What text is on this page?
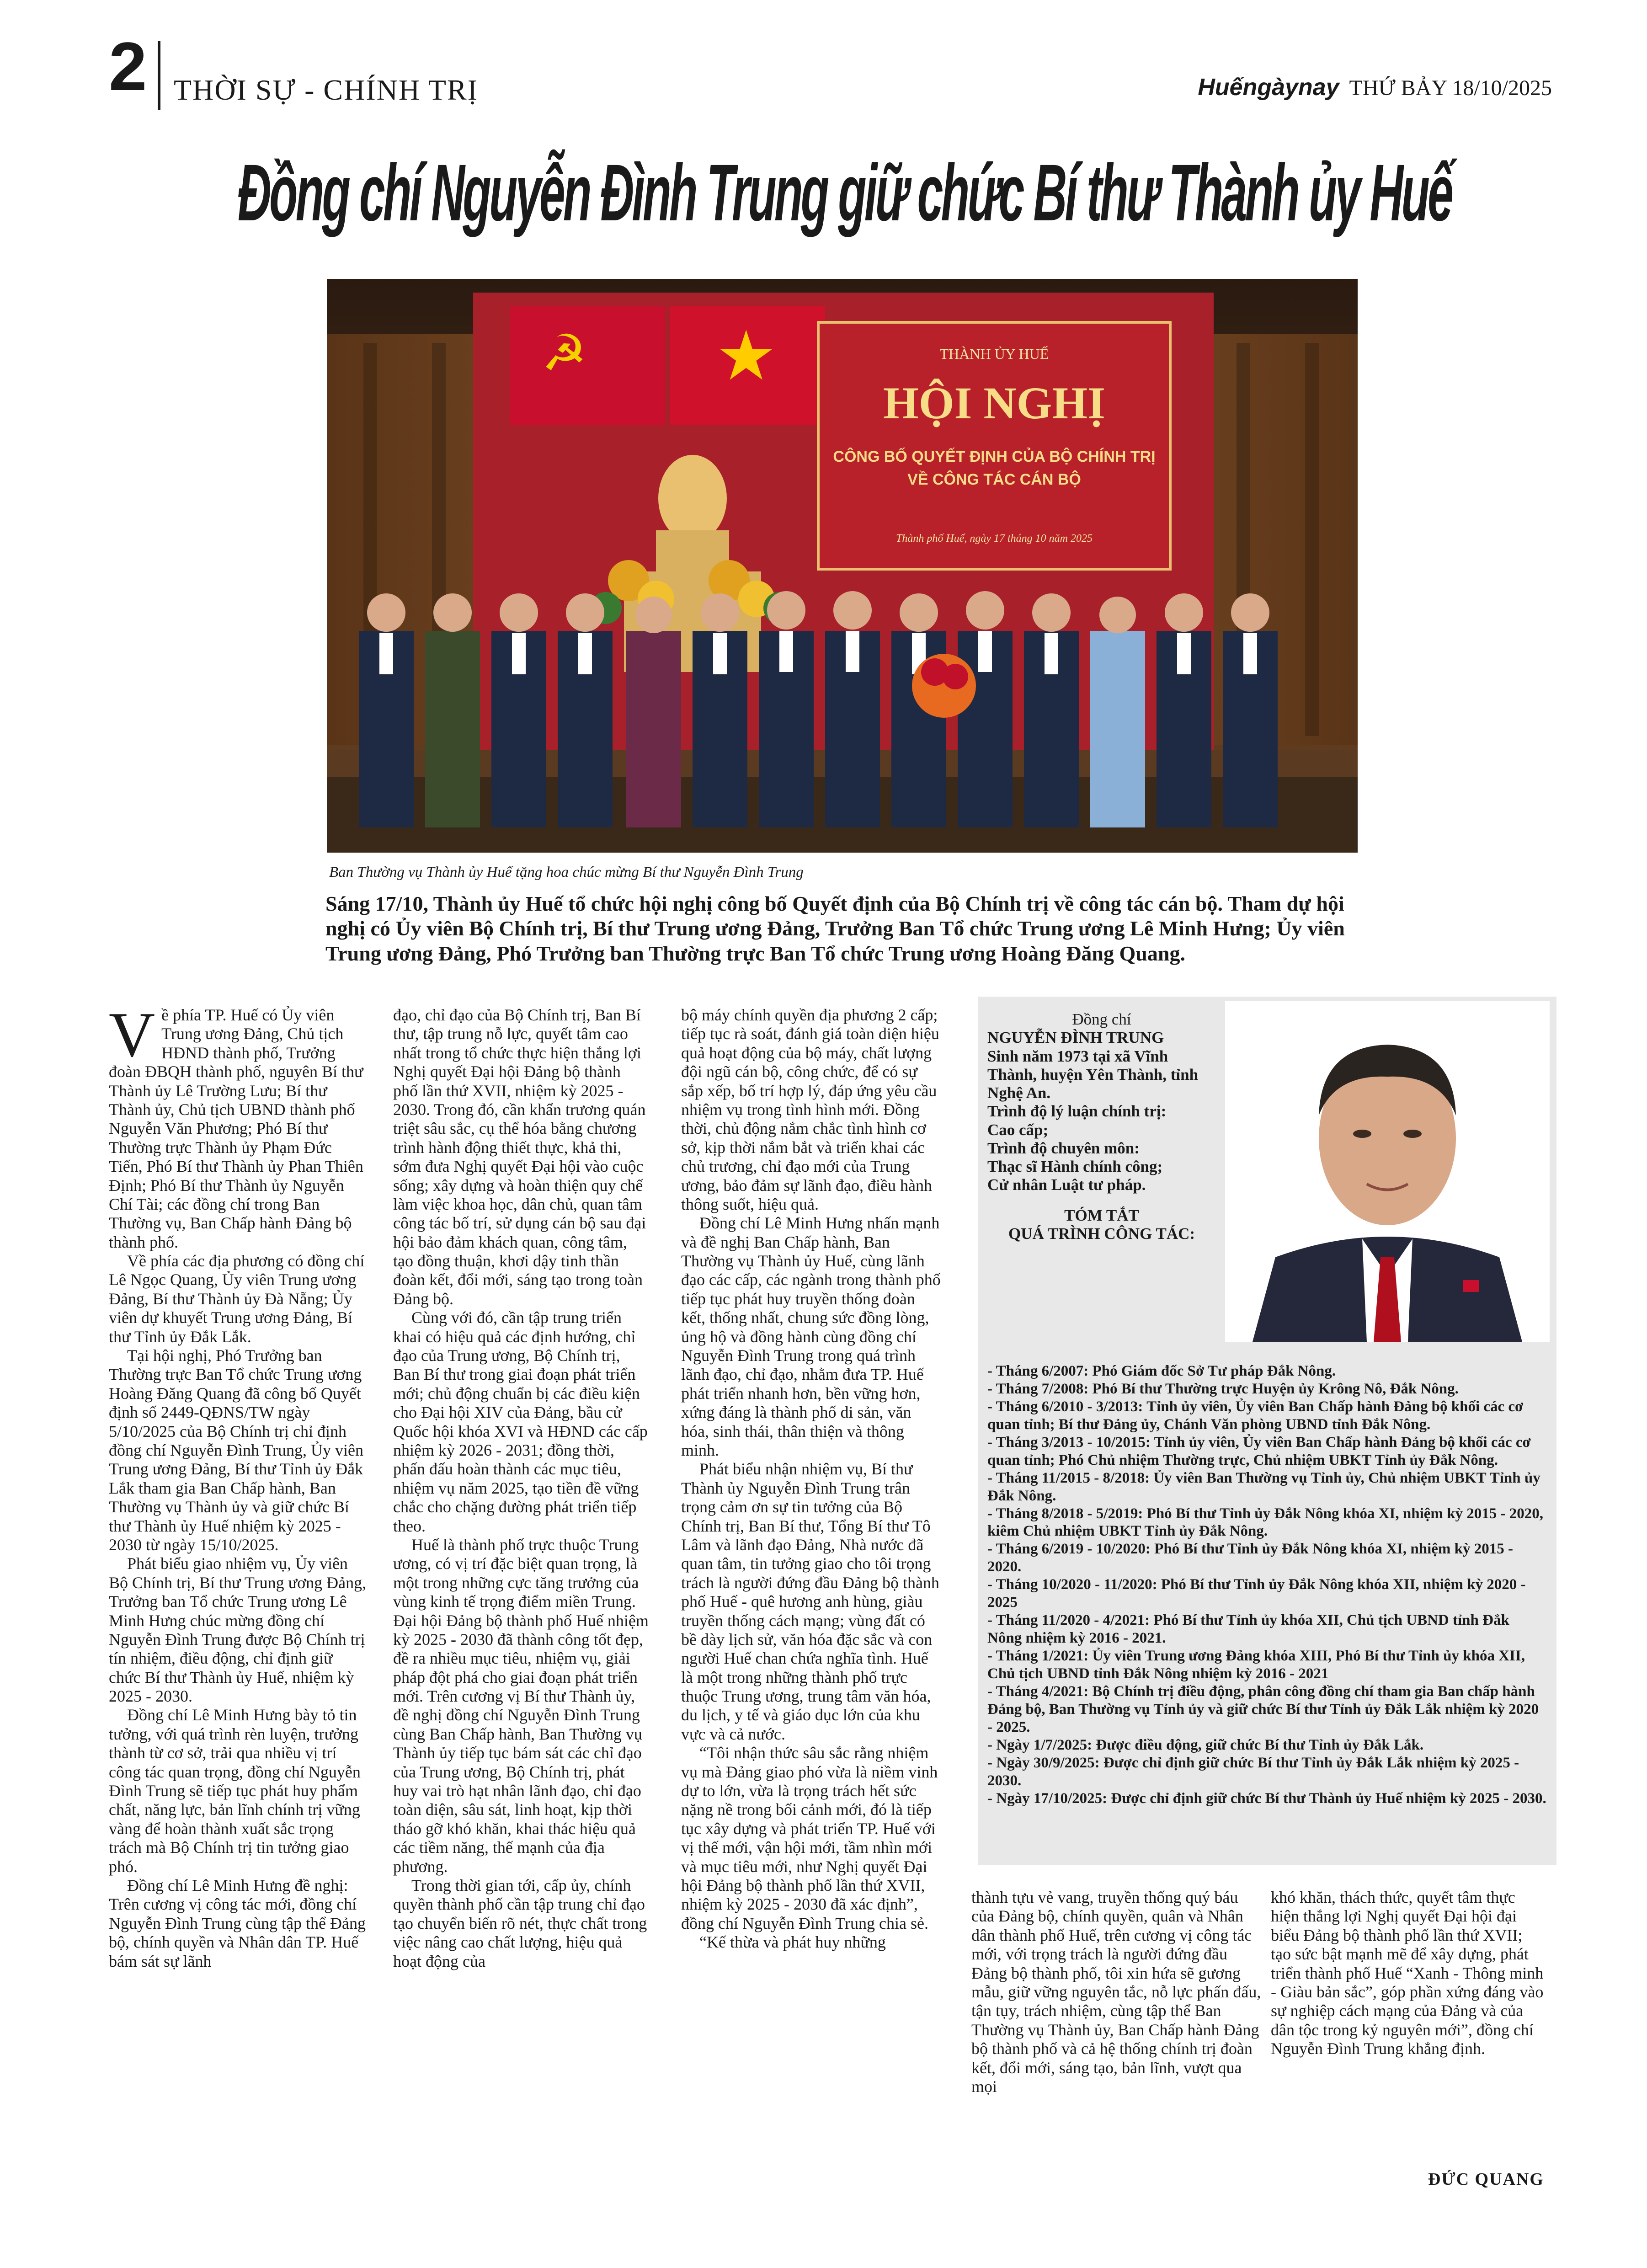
2 THỜI SỰ - CHÍNH TRỊ	Huếngàynay THỨ BẢY 18/10/2025
Đồng chí Nguyễn Đình Trung giữ chức Bí thư Thành ủy Huế
☭ ★	THÀNH ỦY HUẾ
HỘI NGHỊ
CÔNG BỐ QUYẾT ĐỊNH CỦA BỘ CHÍNH TRỊ
VỀ CÔNG TÁC CÁN BỘ
Thành phố Huế, ngày 17 tháng 10 năm 2025
Ban Thường vụ Thành ủy Huế tặng hoa chúc mừng Bí thư Nguyễn Đình Trung
Sáng 17/10, Thành ủy Huế tổ chức hội nghị công bố Quyết định của Bộ Chính trị về công tác cán bộ. Tham dự hội nghị có Ủy viên Bộ Chính trị, Bí thư Trung ương Đảng, Trưởng Ban Tổ chức Trung ương Lê Minh Hưng; Ủy viên Trung ương Đảng, Phó Trưởng ban Thường trực Ban Tổ chức Trung ương Hoàng Đăng Quang.
V ề phía TP. Huế có Ủy viên Trung ương Đảng, Chủ tịch HĐND thành phố, Trưởng đoàn ĐBQH thành phố, nguyên Bí thư Thành ủy Lê Trường Lưu; Bí thư Thành ủy, Chủ tịch UBND thành phố Nguyễn Văn Phương; Phó Bí thư Thường trực Thành ủy Phạm Đức Tiến, Phó Bí thư Thành ủy Phan Thiên Định; Phó Bí thư Thành ủy Nguyễn Chí Tài; các đồng chí trong Ban Thường vụ, Ban Chấp hành Đảng bộ thành phố.

Về phía các địa phương có đồng chí Lê Ngọc Quang, Ủy viên Trung ương Đảng, Bí thư Thành ủy Đà Nẵng; Ủy viên dự khuyết Trung ương Đảng, Bí thư Tỉnh ủy Đắk Lắk.

Tại hội nghị, Phó Trưởng ban Thường trực Ban Tổ chức Trung ương Hoàng Đăng Quang đã công bố Quyết định số 2449-QĐNS/TW ngày 5/10/2025 của Bộ Chính trị chỉ định đồng chí Nguyễn Đình Trung, Ủy viên Trung ương Đảng, Bí thư Tỉnh ủy Đắk Lắk tham gia Ban Chấp hành, Ban Thường vụ Thành ủy và giữ chức Bí thư Thành ủy Huế nhiệm kỳ 2025 - 2030 từ ngày 15/10/2025.

Phát biểu giao nhiệm vụ, Ủy viên Bộ Chính trị, Bí thư Trung ương Đảng, Trưởng ban Tổ chức Trung ương Lê Minh Hưng chúc mừng đồng chí Nguyễn Đình Trung được Bộ Chính trị tín nhiệm, điều động, chỉ định giữ chức Bí thư Thành ủy Huế, nhiệm kỳ 2025 - 2030.

Đồng chí Lê Minh Hưng bày tỏ tin tưởng, với quá trình rèn luyện, trưởng thành từ cơ sở, trải qua nhiều vị trí công tác quan trọng, đồng chí Nguyễn Đình Trung sẽ tiếp tục phát huy phẩm chất, năng lực, bản lĩnh chính trị vững vàng để hoàn thành xuất sắc trọng trách mà Bộ Chính trị tin tưởng giao phó.

Đồng chí Lê Minh Hưng đề nghị: Trên cương vị công tác mới, đồng chí Nguyễn Đình Trung cùng tập thể Đảng bộ, chính quyền và Nhân dân TP. Huế bám sát sự lãnh

đạo, chỉ đạo của Bộ Chính trị, Ban Bí thư, tập trung nỗ lực, quyết tâm cao nhất trong tổ chức thực hiện thắng lợi Nghị quyết Đại hội Đảng bộ thành phố lần thứ XVII, nhiệm kỳ 2025 - 2030. Trong đó, cần khẩn trương quán triệt sâu sắc, cụ thể hóa bằng chương trình hành động thiết thực, khả thi, sớm đưa Nghị quyết Đại hội vào cuộc sống; xây dựng và hoàn thiện quy chế làm việc khoa học, dân chủ, quan tâm công tác bố trí, sử dụng cán bộ sau đại hội bảo đảm khách quan, công tâm, tạo đồng thuận, khơi dậy tinh thần đoàn kết, đổi mới, sáng tạo trong toàn Đảng bộ.

Cùng với đó, cần tập trung triển khai có hiệu quả các định hướng, chỉ đạo của Trung ương, Bộ Chính trị, Ban Bí thư trong giai đoạn phát triển mới; chủ động chuẩn bị các điều kiện cho Đại hội XIV của Đảng, bầu cử Quốc hội khóa XVI và HĐND các cấp nhiệm kỳ 2026 - 2031; đồng thời, phấn đấu hoàn thành các mục tiêu, nhiệm vụ năm 2025, tạo tiền đề vững chắc cho chặng đường phát triển tiếp theo.

Huế là thành phố trực thuộc Trung ương, có vị trí đặc biệt quan trọng, là một trong những cực tăng trưởng của vùng kinh tế trọng điểm miền Trung. Đại hội Đảng bộ thành phố Huế nhiệm kỳ 2025 - 2030 đã thành công tốt đẹp, đề ra nhiều mục tiêu, nhiệm vụ, giải pháp đột phá cho giai đoạn phát triển mới. Trên cương vị Bí thư Thành ủy, đề nghị đồng chí Nguyễn Đình Trung cùng Ban Chấp hành, Ban Thường vụ Thành ủy tiếp tục bám sát các chỉ đạo của Trung ương, Bộ Chính trị, phát huy vai trò hạt nhân lãnh đạo, chỉ đạo toàn diện, sâu sát, linh hoạt, kịp thời tháo gỡ khó khăn, khai thác hiệu quả các tiềm năng, thế mạnh của địa phương.

Trong thời gian tới, cấp ủy, chính quyền thành phố cần tập trung chỉ đạo tạo chuyển biến rõ nét, thực chất trong việc nâng cao chất lượng, hiệu quả hoạt động của

bộ máy chính quyền địa phương 2 cấp; tiếp tục rà soát, đánh giá toàn diện hiệu quả hoạt động của bộ máy, chất lượng đội ngũ cán bộ, công chức, để có sự sắp xếp, bố trí hợp lý, đáp ứng yêu cầu nhiệm vụ trong tình hình mới. Đồng thời, chủ động nắm chắc tình hình cơ sở, kịp thời nắm bắt và triển khai các chủ trương, chỉ đạo mới của Trung ương, bảo đảm sự lãnh đạo, điều hành thông suốt, hiệu quả.

Đồng chí Lê Minh Hưng nhấn mạnh và đề nghị Ban Chấp hành, Ban Thường vụ Thành ủy Huế, cùng lãnh đạo các cấp, các ngành trong thành phố tiếp tục phát huy truyền thống đoàn kết, thống nhất, chung sức đồng lòng, ủng hộ và đồng hành cùng đồng chí Nguyễn Đình Trung trong quá trình lãnh đạo, chỉ đạo, nhằm đưa TP. Huế phát triển nhanh hơn, bền vững hơn, xứng đáng là thành phố di sản, văn hóa, sinh thái, thân thiện và thông minh.

Phát biểu nhận nhiệm vụ, Bí thư Thành ủy Nguyễn Đình Trung trân trọng cảm ơn sự tin tưởng của Bộ Chính trị, Ban Bí thư, Tổng Bí thư Tô Lâm và lãnh đạo Đảng, Nhà nước đã quan tâm, tin tưởng giao cho tôi trọng trách là người đứng đầu Đảng bộ thành phố Huế - quê hương anh hùng, giàu truyền thống cách mạng; vùng đất có bề dày lịch sử, văn hóa đặc sắc và con người Huế chan chứa nghĩa tình. Huế là một trong những thành phố trực thuộc Trung ương, trung tâm văn hóa, du lịch, y tế và giáo dục lớn của khu vực và cả nước.

“Tôi nhận thức sâu sắc rằng nhiệm vụ mà Đảng giao phó vừa là niềm vinh dự to lớn, vừa là trọng trách hết sức nặng nề trong bối cảnh mới, đó là tiếp tục xây dựng và phát triển TP. Huế với vị thế mới, vận hội mới, tầm nhìn mới và mục tiêu mới, như Nghị quyết Đại hội Đảng bộ thành phố lần thứ XVII, nhiệm kỳ 2025 - 2030 đã xác định”, đồng chí Nguyễn Đình Trung chia sẻ.

“Kế thừa và phát huy những

Đồng chí
NGUYỄN ĐÌNH TRUNG
Sinh năm 1973 tại xã Vĩnh Thành, huyện Yên Thành, tỉnh Nghệ An.
Trình độ lý luận chính trị:
Cao cấp;
Trình độ chuyên môn:
Thạc sĩ Hành chính công;
Cử nhân Luật tư pháp.
TÓM TẮT
QUÁ TRÌNH CÔNG TÁC:

- Tháng 6/2007: Phó Giám đốc Sở Tư pháp Đắk Nông.

- Tháng 7/2008: Phó Bí thư Thường trực Huyện ủy Krông Nô, Đắk Nông.

- Tháng 6/2010 - 3/2013: Tỉnh ủy viên, Ủy viên Ban Chấp hành Đảng bộ khối các cơ quan tỉnh; Bí thư Đảng ủy, Chánh Văn phòng UBND tỉnh Đắk Nông.

- Tháng 3/2013 - 10/2015: Tỉnh ủy viên, Ủy viên Ban Chấp hành Đảng bộ khối các cơ quan tỉnh; Phó Chủ nhiệm Thường trực, Chủ nhiệm UBKT Tỉnh ủy Đắk Nông.

- Tháng 11/2015 - 8/2018: Ủy viên Ban Thường vụ Tỉnh ủy, Chủ nhiệm UBKT Tỉnh ủy Đắk Nông.

- Tháng 8/2018 - 5/2019: Phó Bí thư Tỉnh ủy Đắk Nông khóa XI, nhiệm kỳ 2015 - 2020, kiêm Chủ nhiệm UBKT Tỉnh ủy Đắk Nông.

- Tháng 6/2019 - 10/2020: Phó Bí thư Tỉnh ủy Đắk Nông khóa XI, nhiệm kỳ 2015 - 2020.

- Tháng 10/2020 - 11/2020: Phó Bí thư Tỉnh ủy Đắk Nông khóa XII, nhiệm kỳ 2020 - 2025

- Tháng 11/2020 - 4/2021: Phó Bí thư Tỉnh ủy khóa XII, Chủ tịch UBND tỉnh Đắk Nông nhiệm kỳ 2016 - 2021.

- Tháng 1/2021: Ủy viên Trung ương Đảng khóa XIII, Phó Bí thư Tỉnh ủy khóa XII, Chủ tịch UBND tỉnh Đắk Nông nhiệm kỳ 2016 - 2021

- Tháng 4/2021: Bộ Chính trị điều động, phân công đồng chí tham gia Ban chấp hành Đảng bộ, Ban Thường vụ Tỉnh ủy và giữ chức Bí thư Tỉnh ủy Đắk Lắk nhiệm kỳ 2020 - 2025.

- Ngày 1/7/2025: Được điều động, giữ chức Bí thư Tỉnh ủy Đắk Lắk.

- Ngày 30/9/2025: Được chỉ định giữ chức Bí thư Tỉnh ủy Đắk Lắk nhiệm kỳ 2025 - 2030.

- Ngày 17/10/2025: Được chỉ định giữ chức Bí thư Thành ủy Huế nhiệm kỳ 2025 - 2030.

thành tựu vẻ vang, truyền thống quý báu của Đảng bộ, chính quyền, quân và Nhân dân thành phố Huế, trên cương vị công tác mới, với trọng trách là người đứng đầu Đảng bộ thành phố, tôi xin hứa sẽ gương mẫu, giữ vững nguyên tắc, nỗ lực phấn đấu, tận tụy, trách nhiệm, cùng tập thể Ban Thường vụ Thành ủy, Ban Chấp hành Đảng bộ thành phố và cả hệ thống chính trị đoàn kết, đổi mới, sáng tạo, bản lĩnh, vượt qua mọi

khó khăn, thách thức, quyết tâm thực hiện thắng lợi Nghị quyết Đại hội đại biểu Đảng bộ thành phố lần thứ XVII; tạo sức bật mạnh mẽ để xây dựng, phát triển thành phố Huế “Xanh - Thông minh - Giàu bản sắc”, góp phần xứng đáng vào sự nghiệp cách mạng của Đảng và của dân tộc trong kỷ nguyên mới”, đồng chí Nguyễn Đình Trung khẳng định.

ĐỨC QUANG
